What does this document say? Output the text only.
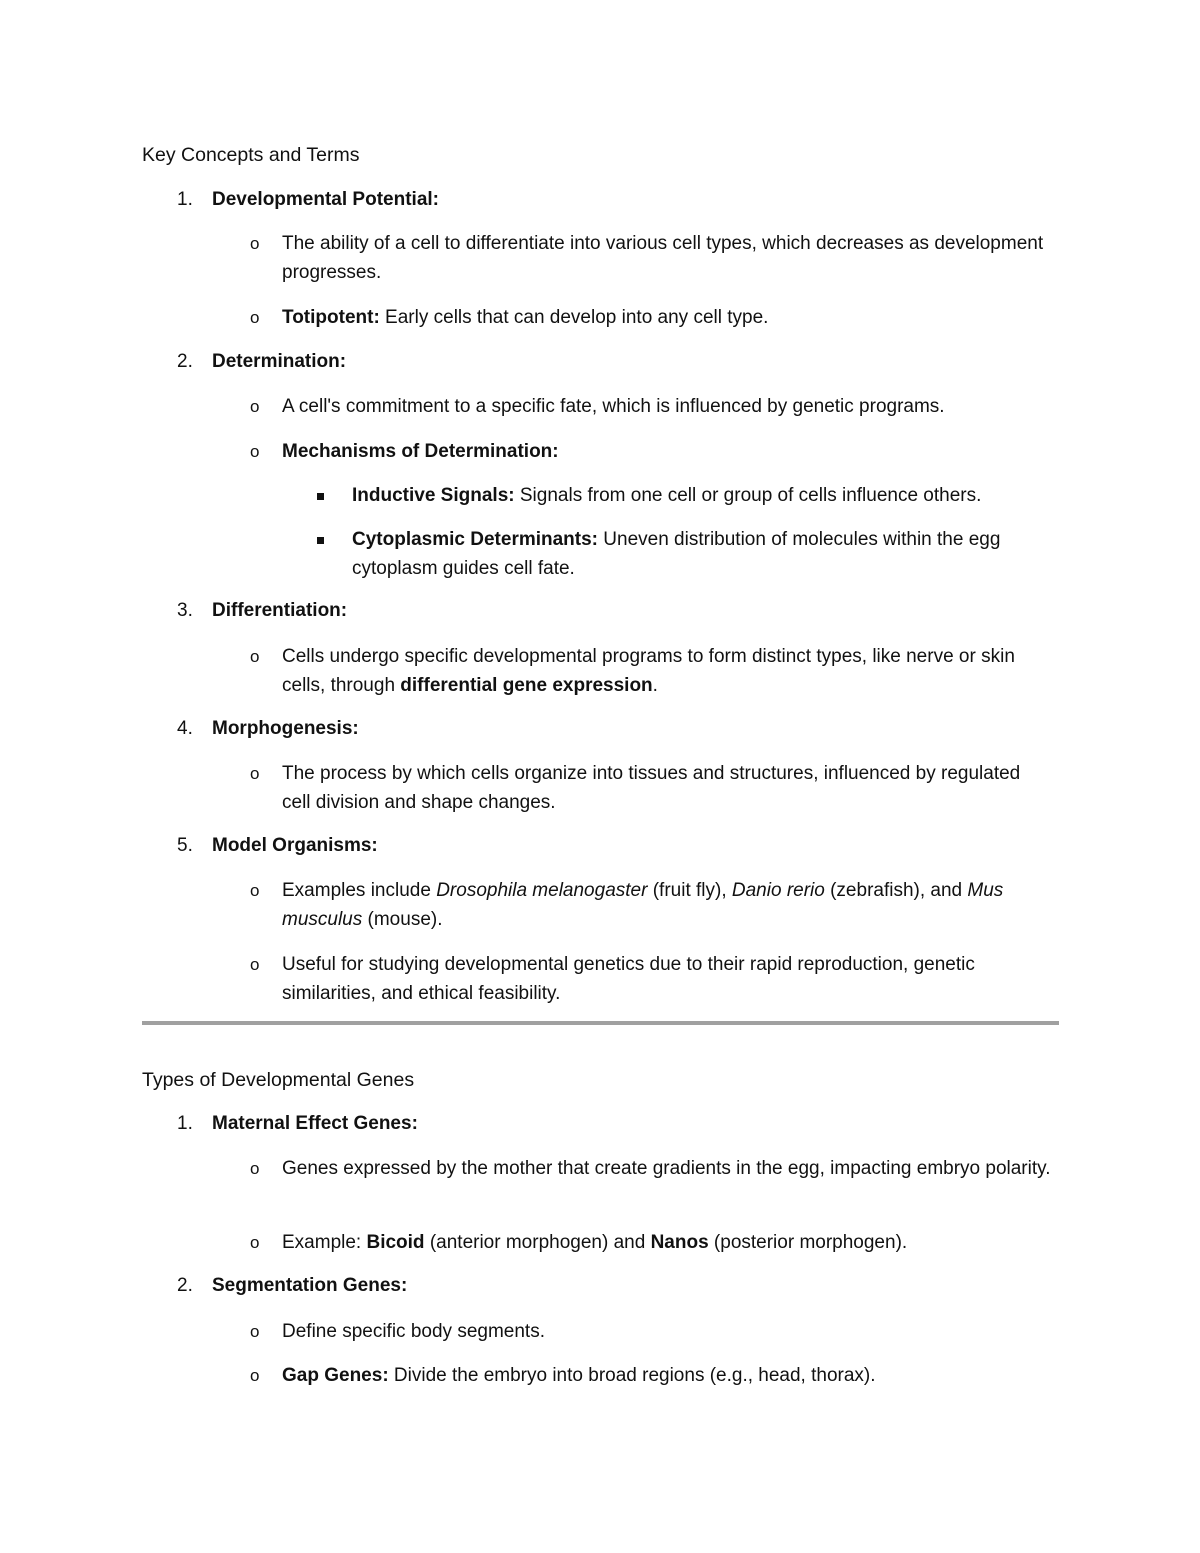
Key Concepts and Terms

1. Developmental Potential:
o The ability of a cell to differentiate into various cell types, which decreases as development progresses.
o Totipotent: Early cells that can develop into any cell type.
2. Determination:
o A cell's commitment to a specific fate, which is influenced by genetic programs.
o Mechanisms of Determination:
Inductive Signals: Signals from one cell or group of cells influence others.
Cytoplasmic Determinants: Uneven distribution of molecules within the egg cytoplasm guides cell fate.
3. Differentiation:
o Cells undergo specific developmental programs to form distinct types, like nerve or skin cells, through differential gene expression.
4. Morphogenesis:
o The process by which cells organize into tissues and structures, influenced by regulated cell division and shape changes.
5. Model Organisms:
o Examples include Drosophila melanogaster (fruit fly), Danio rerio (zebrafish), and Mus musculus (mouse).
o Useful for studying developmental genetics due to their rapid reproduction, genetic similarities, and ethical feasibility.

Types of Developmental Genes

1. Maternal Effect Genes:
o Genes expressed by the mother that create gradients in the egg, impacting embryo polarity.
o Example: Bicoid (anterior morphogen) and Nanos (posterior morphogen).
2. Segmentation Genes:
o Define specific body segments.
o Gap Genes: Divide the embryo into broad regions (e.g., head, thorax).
